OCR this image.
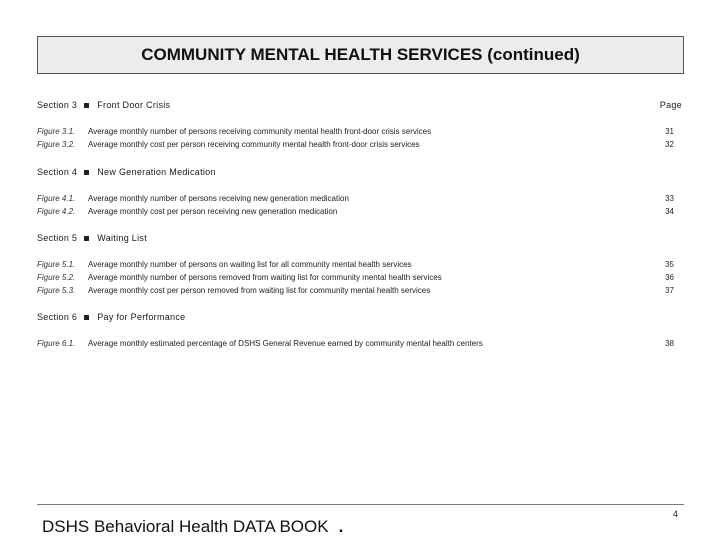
COMMUNITY MENTAL HEALTH SERVICES (continued)
Page
Section 3 Front Door Crisis
Figure 3.1.	Average monthly number of persons receiving community mental health front-door crisis services	31
Figure 3.2.	Average monthly cost per person receiving community mental health front-door crisis services	32
Section 4 New Generation Medication
Figure 4.1.	Average monthly number of persons receiving new generation medication	33
Figure 4.2.	Average monthly cost per person receiving new generation medication	34
Section 5 Waiting List
Figure 5.1.	Average monthly number of persons on waiting list for all community mental health services	35
Figure 5.2.	Average monthly number of persons removed from waiting list for community mental health services	36
Figure 5.3.	Average monthly cost per person removed from waiting list for community mental health services	37
Section 6 Pay for Performance
Figure 6.1.	Average monthly estimated percentage of DSHS General Revenue earned by community mental health centers	38
4
DSHS Behavioral Health DATA BOOK .
